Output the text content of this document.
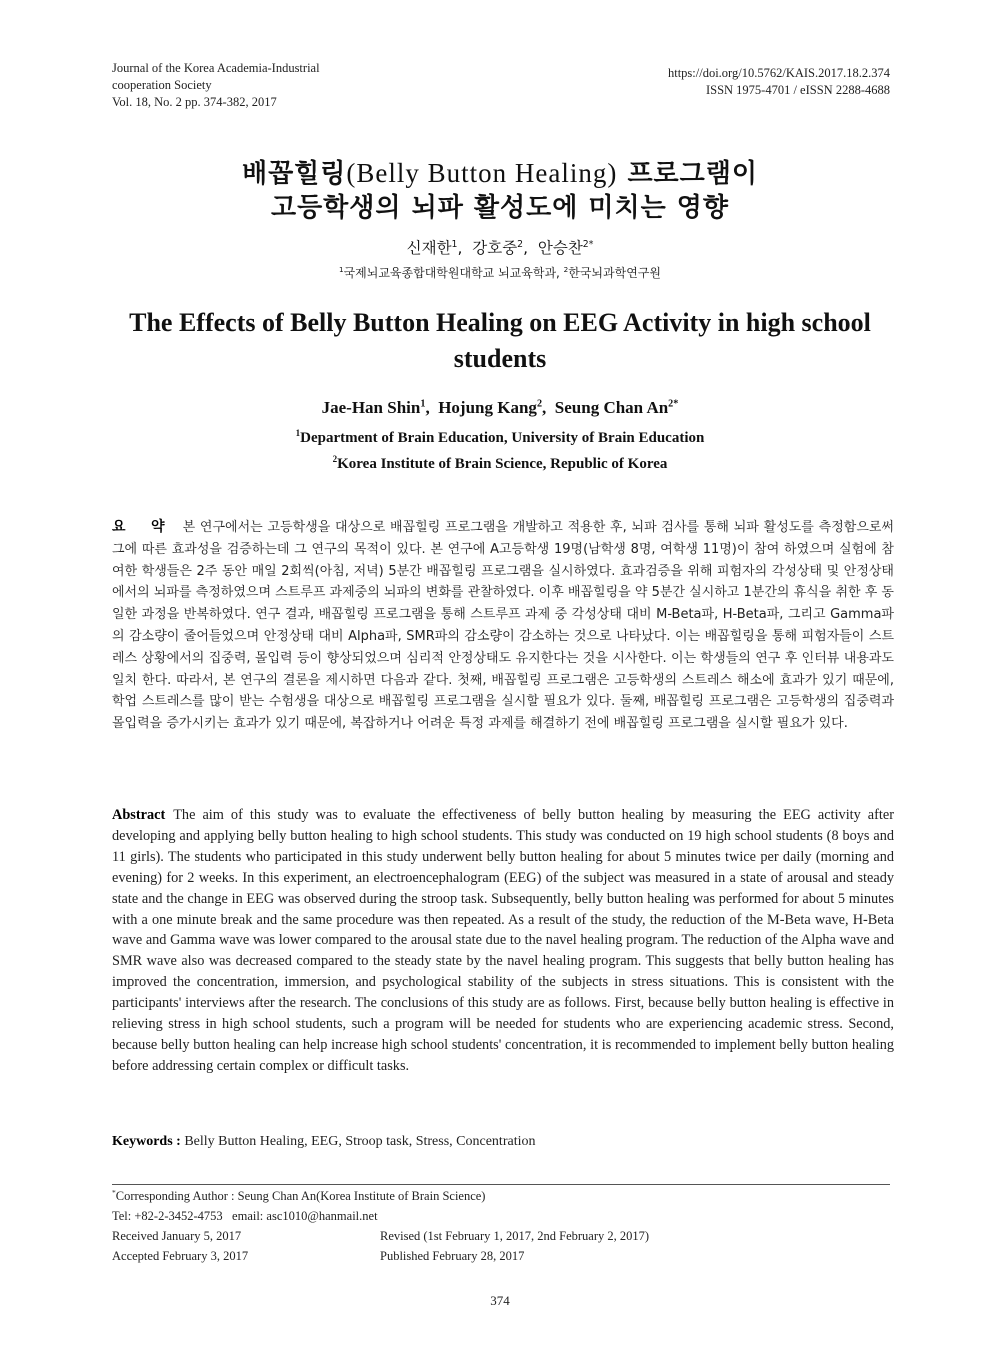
Journal of the Korea Academia-Industrial
cooperation Society
Vol. 18, No. 2 pp. 374-382, 2017
https://doi.org/10.5762/KAIS.2017.18.2.374
ISSN 1975-4701 / eISSN 2288-4688
배꼽힐링(Belly Button Healing) 프로그램이
고등학생의 뇌파 활성도에 미치는 영향
신재한$^1$,  강호중$^2$,  안승찬$^{2*}$
$^1$국제뇌교육종합대학원대학교 뇌교육학과, $^2$한국뇌과학연구원
The Effects of Belly Button Healing on EEG Activity in high school students
Jae-Han Shin$^1$,  Hojung Kang$^2$,  Seung Chan $An^{2*}$
$^1$Department of Brain Education, University of Brain Education
$^2$Korea Institute of Brain Science, Republic of Korea
요 약 본 연구에서는 고등학생을 대상으로 배꼽힐링 프로그램을 개발하고 적용한 후, 뇌파 검사를 통해 뇌파 활성도를 측정함으로써 그에 따른 효과성을 검증하는데 그 연구의 목적이 있다. 본 연구에 A고등학생 19명(남학생 8명, 여학생 11명)이 참여 하였으며 실험에 참여한 학생들은 2주 동안 매일 2회씩(아침, 저녁) 5분간 배꼽힐링 프로그램을 실시하였다. 효과검증을 위해 피험자의 각성상태 및 안정상태에서의 뇌파를 측정하였으며 스트루프 과제중의 뇌파의 변화를 관찰하였다. 이후 배꼽힐링을 약 5분간 실시하고 1분간의 휴식을 취한 후 동일한 과정을 반복하였다. 연구 결과, 배꼽힐링 프로그램을 통해 스트루프 과제 중 각성상태 대비 M-Beta파, H-Beta파, 그리고 Gamma파의 감소량이 줄어들었으며 안정상태 대비 Alpha파, SMR파의 감소량이 감소하는 것으로 나타났다. 이는 배꼽힐링을 통해 피험자들이 스트레스 상황에서의 집중력, 몰입력 등이 향상되었으며 심리적 안정상태도 유지한다는 것을 시사한다. 이는 학생들의 연구 후 인터뷰 내용과도 일치 한다. 따라서, 본 연구의 결론을 제시하면 다음과 같다. 첫째, 배꼽힐링 프로그램은 고등학생의 스트레스 해소에 효과가 있기 때문에, 학업 스트레스를 많이 받는 수험생을 대상으로 배꼽힐링 프로그램을 실시할 필요가 있다. 둘째, 배꼽힐링 프로그램은 고등학생의 집중력과 몰입력을 증가시키는 효과가 있기 때문에, 복잡하거나 어려운 특정 과제를 해결하기 전에 배꼽힐링 프로그램을 실시할 필요가 있다.
Abstract The aim of this study was to evaluate the effectiveness of belly button healing by measuring the EEG activity after developing and applying belly button healing to high school students. This study was conducted on 19 high school students (8 boys and 11 girls). The students who participated in this study underwent belly button healing for about 5 minutes twice per daily (morning and evening) for 2 weeks. In this experiment, an electroencephalogram (EEG) of the subject was measured in a state of arousal and steady state and the change in EEG was observed during the stroop task. Subsequently, belly button healing was performed for about 5 minutes with a one minute break and the same procedure was then repeated. As a result of the study, the reduction of the M-Beta wave, H-Beta wave and Gamma wave was lower compared to the arousal state due to the navel healing program. The reduction of the Alpha wave and SMR wave also was decreased compared to the steady state by the navel healing program. This suggests that belly button healing has improved the concentration, immersion, and psychological stability of the subjects in stress situations. This is consistent with the participants' interviews after the research. The conclusions of this study are as follows. First, because belly button healing is effective in relieving stress in high school students, such a program will be needed for students who are experiencing academic stress. Second, because belly button healing can help increase high school students' concentration, it is recommended to implement belly button healing before addressing certain complex or difficult tasks.
Keywords : Belly Button Healing, EEG, Stroop task, Stress, Concentration
*Corresponding Author : Seung Chan An(Korea Institute of Brain Science)
Tel: +82-2-3452-4753   email: asc1010@hanmail.net
Received January 5, 2017
Accepted February 3, 2017
Revised (1st February 1, 2017, 2nd February 2, 2017)
Published February 28, 2017
374
